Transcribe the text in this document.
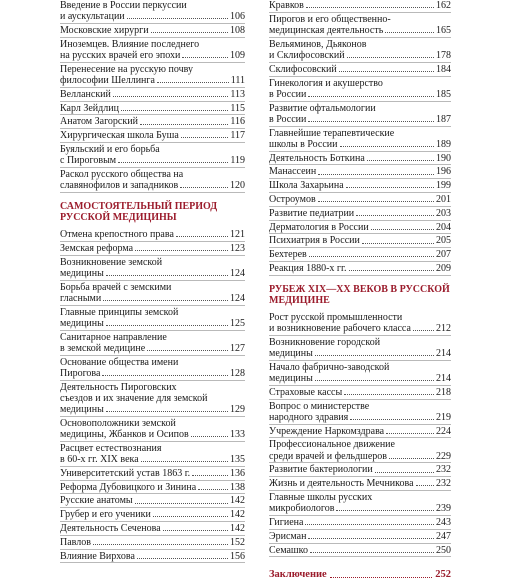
Введение в России перкуссии
и аускультации	106
Московские хирурги	108
Иноземцев. Влияние последнего
на русских врачей его эпохи	109
Перенесение на русскую почву
философии Шеллинга	111
Велланский	113
Карл Зейдлиц	115
Анатом Загорский	116
Хирургическая школа Буша	117
Буяльский и его борьба
с Пироговым	119
Раскол русского общества на
славянофилов и западников	120
САМОСТОЯТЕЛЬНЫЙ ПЕРИОД
РУССКОЙ МЕДИЦИНЫ
Отмена крепостного права	121
Земская реформа	123
Возникновение земской
медицины	124
Борьба врачей с земскими
гласными	124
Главные принципы земской
медицины	125
Санитарное направление
в земской медицине	127
Основание общества имени
Пирогова	128
Деятельность Пироговских
съездов и их значение для земской
медицины	129
Основоположники земской
медицины, Жбанков и Осипов	133
Расцвет естествознания
в 60-х гг. XIX века	135
Университетский устав 1863 г.	136
Реформа Дубовицкого и Зинина	138
Русские анатомы	142
Грубер и его ученики	142
Деятельность Сеченова	142
Павлов	152
Влияние Вирхова	156
Кравков	162
Пирогов и его общественно-
медицинская деятельность	165
Вельяминов, Дьяконов
и Склифосовский	178
Склифосовский	184
Гинекология и акушерство
в России	185
Развитие офтальмологии
в России	187
Главнейшие терапевтические
школы в России	189
Деятельность Боткина	190
Манассеин	196
Школа Захарьина	199
Остроумов	201
Развитие педиатрии	203
Дерматология в России	204
Психиатрия в России	205
Бехтерев	207
Реакция 1880-х гг.	209
РУБЕЖ XIX—XX ВЕКОВ В РУССКОЙ
МЕДИЦИНЕ
Рост русской промышленности
и возникновение рабочего класса	212
Возникновение городской
медицины	214
Начало фабрично-заводской
медицины	214
Страховые кассы	218
Вопрос о министерстве
народного здравия	219
Учреждение Наркомздрава	224
Профессиональное движение
среди врачей и фельдшеров	229
Развитие бактериологии	232
Жизнь и деятельность Мечникова 232
Главные школы русских
микробиологов	239
Гигиена	243
Эрисман	247
Семашко	250
Заключение	252
